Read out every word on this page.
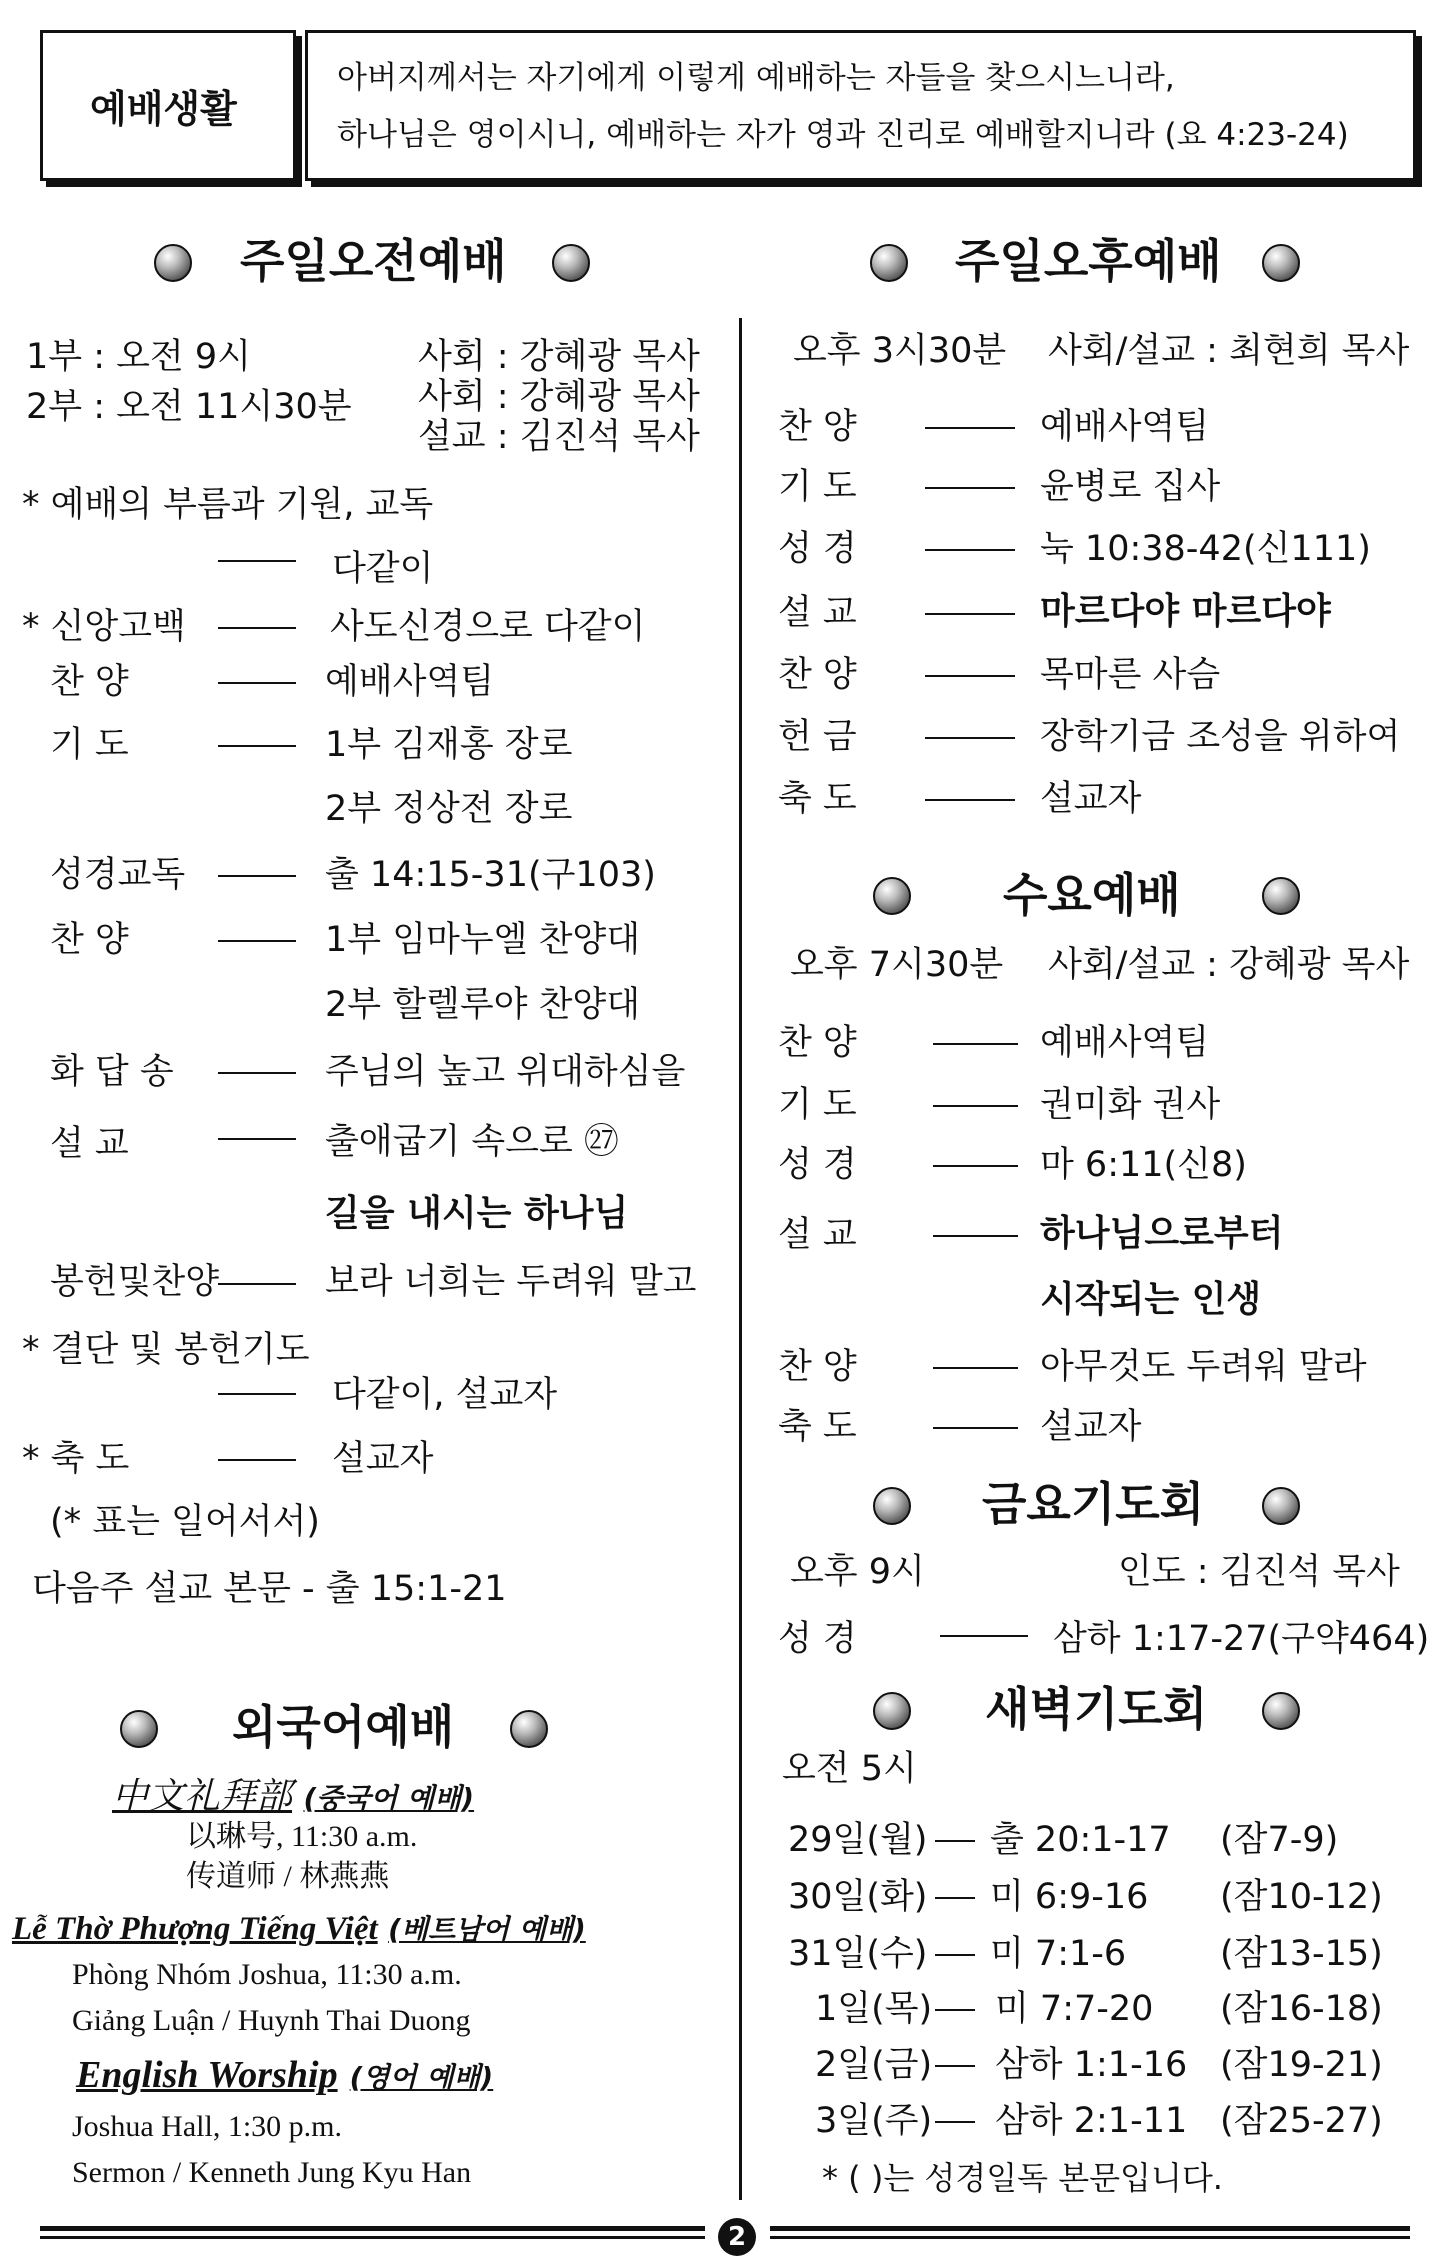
예배생활
아버지께서는 자기에게 이렇게 예배하는 자들을 찾으시느니라,
하나님은 영이시니, 예배하는 자가 영과 진리로 예배할지니라 (요 4:23-24)
주일오전예배
1부 : 오전 9시
2부 : 오전 11시30분
사회 : 강혜광 목사
사회 : 강혜광 목사
설교 : 김진석 목사
* 예배의 부름과 기원, 교독
다같이
* 신앙고백	사도신경으로 다같이
찬 양	예배사역팀
기 도	1부 김재홍 장로
2부 정상전 장로
성경교독	출 14:15-31(구103)
찬 양	1부 임마누엘 찬양대
2부 할렐루야 찬양대
화 답 송	주님의 높고 위대하심을
설 교	출애굽기 속으로 ㉗
길을 내시는 하나님
봉헌및찬양	보라 너희는 두려워 말고
* 결단 및 봉헌기도
다같이, 설교자
* 축 도	설교자
(* 표는 일어서서)
다음주 설교 본문 - 출 15:1-21
외국어예배
中文礼拜部 (중국어 예배)
以琳号, 11:30 a.m.
传道师 / 林燕燕
Lễ Thờ Phượng Tiếng Việt (베트남어 예배)
Phòng Nhóm Joshua, 11:30 a.m.
Giảng Luận / Huynh Thai Duong
English Worship (영어 예배)
Joshua Hall, 1:30 p.m.
Sermon / Kenneth Jung Kyu Han
주일오후예배
오후 3시30분 사회/설교 : 최현희 목사
찬 양	예배사역팀
기 도	윤병로 집사
성 경	눅 10:38-42(신111)
설 교	마르다야 마르다야
찬 양	목마른 사슴
헌 금	장학기금 조성을 위하여
축 도	설교자
수요예배
오후 7시30분 사회/설교 : 강혜광 목사
찬 양	예배사역팀
기 도	권미화 권사
성 경	마 6:11(신8)
설 교	하나님으로부터
시작되는 인생
찬 양	아무것도 두려워 말라
축 도	설교자
금요기도회
오후 9시	인도 : 김진석 목사
성 경	삼하 1:17-27(구약464)
새벽기도회
오전 5시
29일(월) 출 20:1-17 (잠7-9)
30일(화) 미 6:9-16 (잠10-12)
31일(수) 미 7:1-6	(잠13-15)
1일(목) 미 7:7-20 (잠16-18)
2일(금) 삼하 1:1-16 (잠19-21)
3일(주) 삼하 2:1-11 (잠25-27)
* ( )는 성경일독 본문입니다.
2
